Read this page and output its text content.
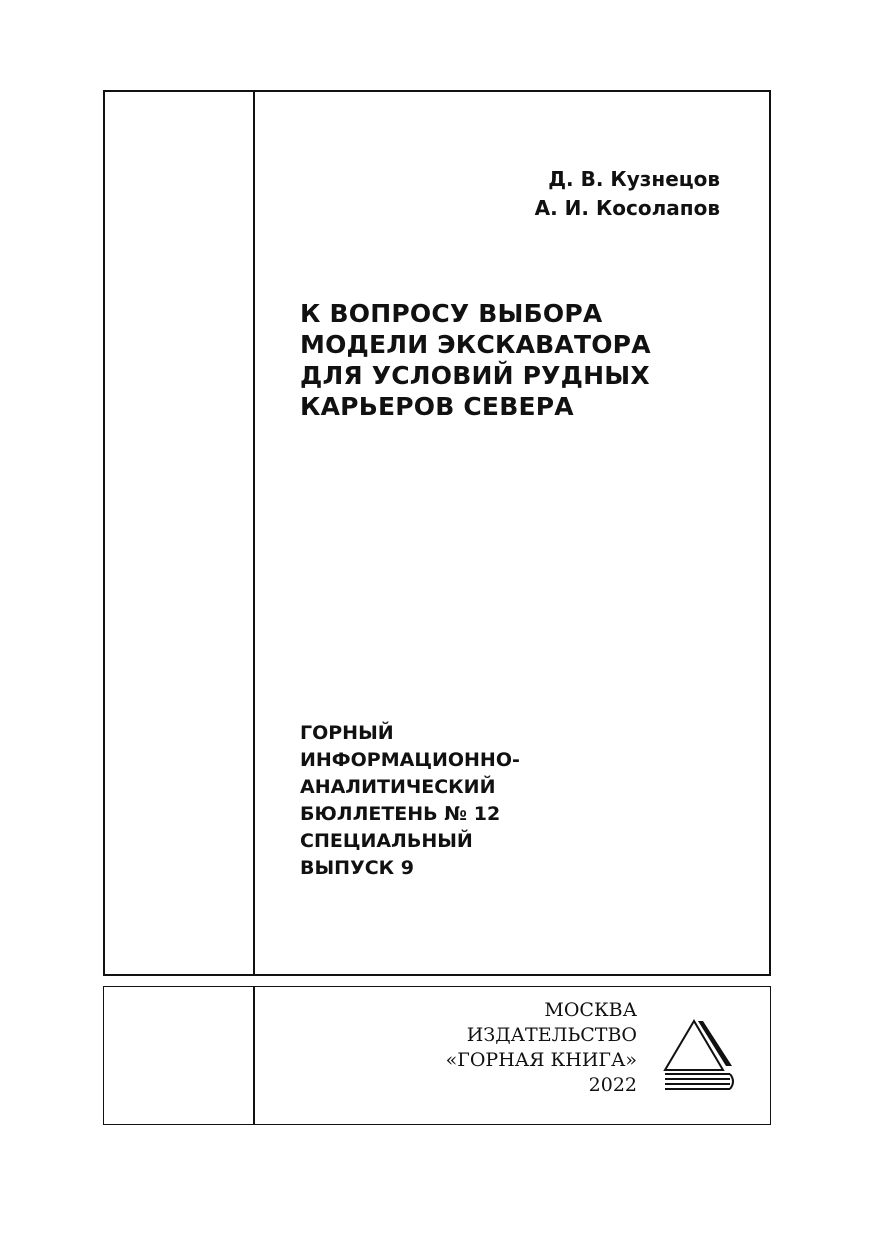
Д. В. Кузнецов
А. И. Косолапов
К ВОПРОСУ ВЫБОРА
МОДЕЛИ ЭКСКАВАТОРА
ДЛЯ УСЛОВИЙ РУДНЫХ
КАРЬЕРОВ СЕВЕРА
ГОРНЫЙ
ИНФОРМАЦИОННО-
АНАЛИТИЧЕСКИЙ
БЮЛЛЕТЕНЬ № 12
СПЕЦИАЛЬНЫЙ
ВЫПУСК 9
МОСКВА
ИЗДАТЕЛЬСТВО
«ГОРНАЯ КНИГА»
2022
